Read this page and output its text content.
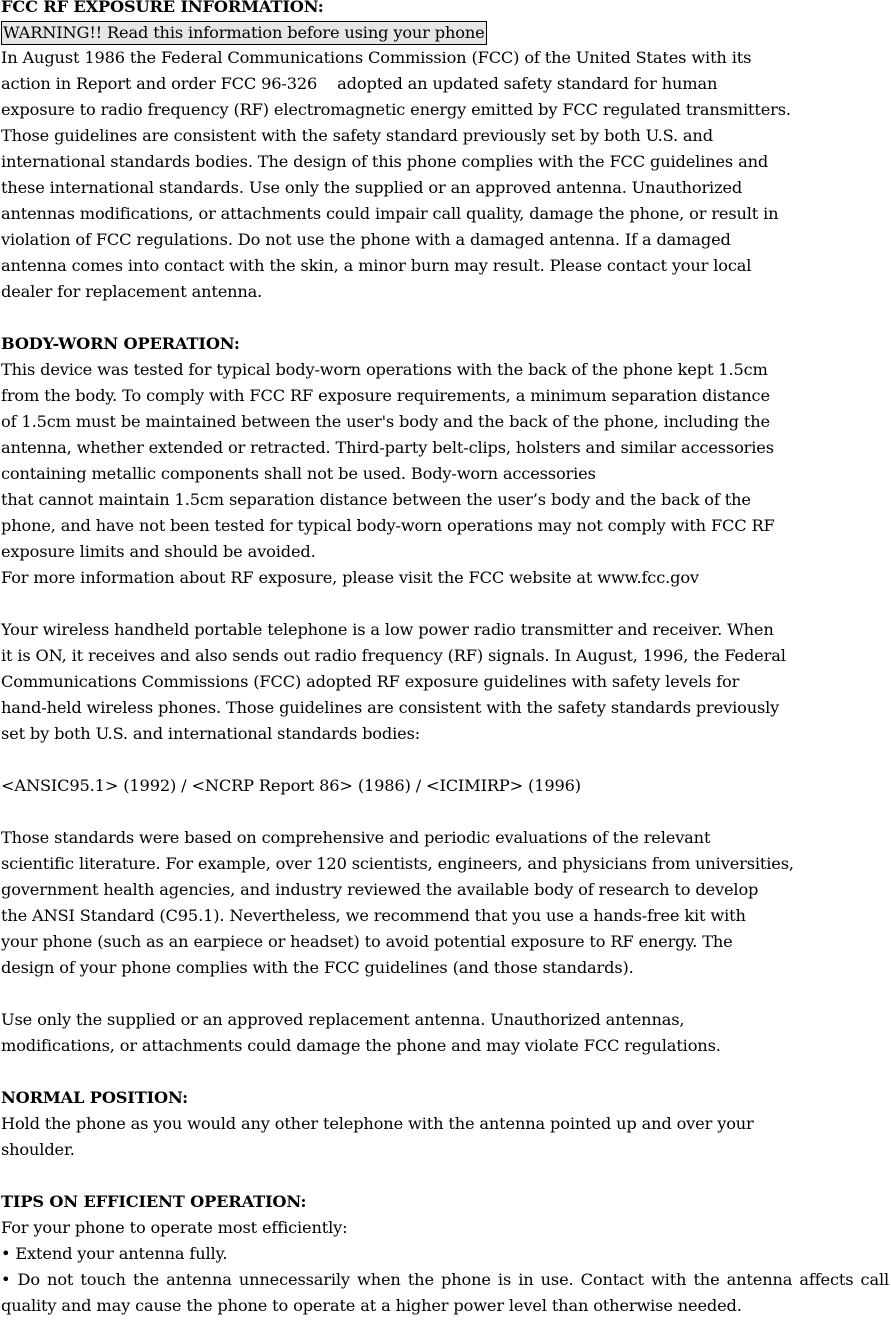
FCC RF EXPOSURE INFORMATION:
WARNING!! Read this information before using your phone
In August 1986 the Federal Communications Commission (FCC) of the United States with its
action in Report and order FCC 96-326    adopted an updated safety standard for human
exposure to radio frequency (RF) electromagnetic energy emitted by FCC regulated transmitters.
Those guidelines are consistent with the safety standard previously set by both U.S. and
international standards bodies. The design of this phone complies with the FCC guidelines and
these international standards. Use only the supplied or an approved antenna. Unauthorized
antennas modifications, or attachments could impair call quality, damage the phone, or result in
violation of FCC regulations. Do not use the phone with a damaged antenna. If a damaged
antenna comes into contact with the skin, a minor burn may result. Please contact your local
dealer for replacement antenna.
BODY-WORN OPERATION:
This device was tested for typical body-worn operations with the back of the phone kept 1.5cm
from the body. To comply with FCC RF exposure requirements, a minimum separation distance
of 1.5cm must be maintained between the user's body and the back of the phone, including the
antenna, whether extended or retracted. Third-party belt-clips, holsters and similar accessories
containing metallic components shall not be used. Body-worn accessories
that cannot maintain 1.5cm separation distance between the user’s body and the back of the
phone, and have not been tested for typical body-worn operations may not comply with FCC RF
exposure limits and should be avoided.
For more information about RF exposure, please visit the FCC website at www.fcc.gov
Your wireless handheld portable telephone is a low power radio transmitter and receiver. When
it is ON, it receives and also sends out radio frequency (RF) signals. In August, 1996, the Federal
Communications Commissions (FCC) adopted RF exposure guidelines with safety levels for
hand-held wireless phones. Those guidelines are consistent with the safety standards previously
set by both U.S. and international standards bodies:
<ANSIC95.1> (1992) / <NCRP Report 86> (1986) / <ICIMIRP> (1996)
Those standards were based on comprehensive and periodic evaluations of the relevant
scientific literature. For example, over 120 scientists, engineers, and physicians from universities,
government health agencies, and industry reviewed the available body of research to develop
the ANSI Standard (C95.1). Nevertheless, we recommend that you use a hands-free kit with
your phone (such as an earpiece or headset) to avoid potential exposure to RF energy. The
design of your phone complies with the FCC guidelines (and those standards).
Use only the supplied or an approved replacement antenna. Unauthorized antennas,
modifications, or attachments could damage the phone and may violate FCC regulations.
NORMAL POSITION:
Hold the phone as you would any other telephone with the antenna pointed up and over your
shoulder.
TIPS ON EFFICIENT OPERATION:
For your phone to operate most efficiently:
• Extend your antenna fully.
• Do not touch the antenna unnecessarily when the phone is in use. Contact with the antenna affects call quality and may cause the phone to operate at a higher power level than otherwise needed.
